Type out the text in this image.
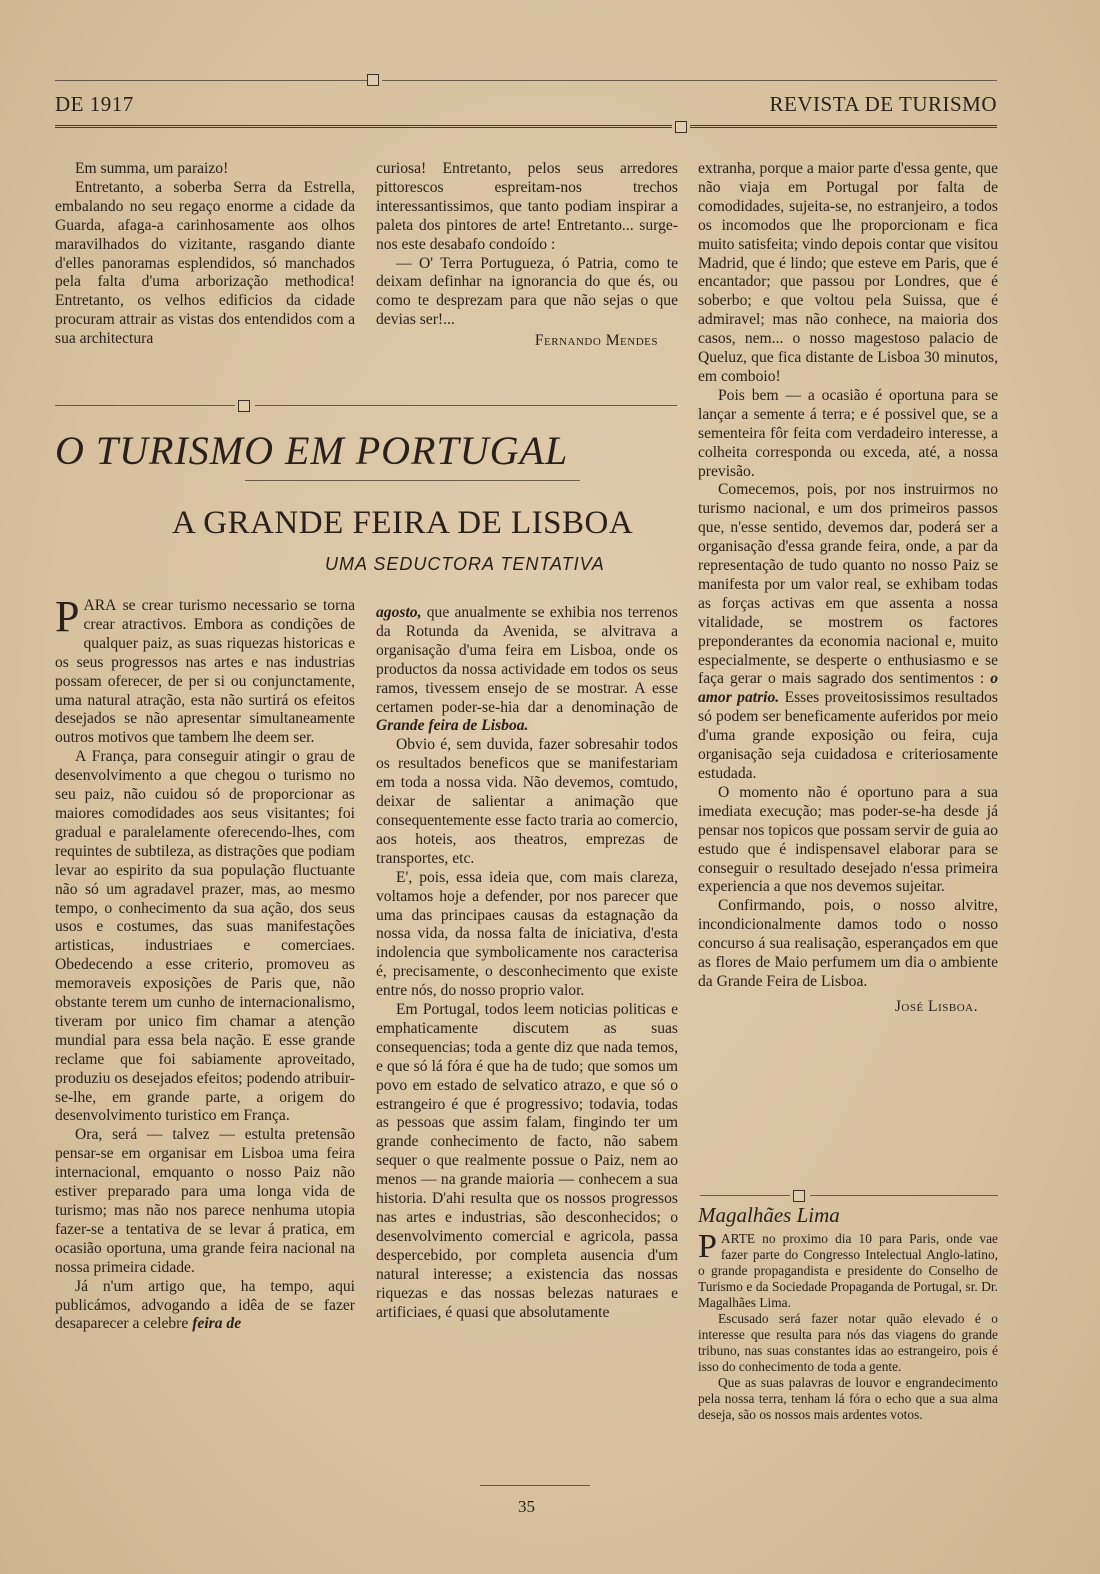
DE 1917	REVISTA DE TURISMO

Em summa, um paraizo!

Entretanto, a soberba Serra da Estrella, embalando no seu regaço enorme a cidade da Guarda, afaga-a carinhosamente aos olhos maravilhados do vizitante, rasgando diante d'elles panoramas esplendidos, só manchados pela falta d'uma arborização methodica! Entretanto, os velhos edificios da cidade procuram attrair as vistas dos entendidos com a sua architectura

curiosa! Entretanto, pelos seus arredores pittorescos espreitam-nos trechos interessantissimos, que tanto podiam inspirar a paleta dos pintores de arte! Entretanto... surge-nos este desabafo condoído :

— O' Terra Portugueza, ó Patria, como te deixam definhar na ignorancia do que és, ou como te desprezam para que não sejas o que devias ser!...

Fernando Mendes
O TURISMO EM PORTUGAL
A GRANDE FEIRA DE LISBOA
UMA SEDUCTORA TENTATIVA

PARA se crear turismo necessario se torna crear atractivos. Embora as condições de qualquer paiz, as suas riquezas historicas e os seus progressos nas artes e nas industrias possam oferecer, de per si ou conjunctamente, uma natural atração, esta não surtirá os efeitos desejados se não apresentar simultaneamente outros motivos que tambem lhe deem ser.

A França, para conseguir atingir o grau de desenvolvimento a que chegou o turismo no seu paiz, não cuidou só de proporcionar as maiores comodidades aos seus visitantes; foi gradual e paralelamente oferecendo-lhes, com requintes de subtileza, as distrações que podiam levar ao espirito da sua população fluctuante não só um agradavel prazer, mas, ao mesmo tempo, o conhecimento da sua ação, dos seus usos e costumes, das suas manifestações artisticas, industriaes e comerciaes. Obedecendo a esse criterio, promoveu as memoraveis exposições de Paris que, não obstante terem um cunho de internacionalismo, tiveram por unico fim chamar a atenção mundial para essa bela nação. E esse grande reclame que foi sabiamente aproveitado, produziu os desejados efeitos; podendo atribuir-se-lhe, em grande parte, a origem do desenvolvimento turistico em França.

Ora, será — talvez — estulta pretensão pensar-se em organisar em Lisboa uma feira internacional, emquanto o nosso Paiz não estiver preparado para uma longa vida de turismo; mas não nos parece nenhuma utopia fazer-se a tentativa de se levar á pratica, em ocasião oportuna, uma grande feira nacional na nossa primeira cidade.

Já n'um artigo que, ha tempo, aqui publicámos, advogando a idêa de se fazer desaparecer a celebre feira de

agosto, que anualmente se exhibia nos terrenos da Rotunda da Avenida, se alvitrava a organisação d'uma feira em Lisboa, onde os productos da nossa actividade em todos os seus ramos, tivessem ensejo de se mostrar. A esse certamen poder-se-hia dar a denominação de Grande feira de Lisboa.

Obvio é, sem duvida, fazer sobresahir todos os resultados beneficos que se manifestariam em toda a nossa vida. Não devemos, comtudo, deixar de salientar a animação que consequentemente esse facto traria ao comercio, aos hoteis, aos theatros, emprezas de transportes, etc.

E', pois, essa ideia que, com mais clareza, voltamos hoje a defender, por nos parecer que uma das principaes causas da estagnação da nossa vida, da nossa falta de iniciativa, d'esta indolencia que symbolicamente nos caracterisa é, precisamente, o desconhecimento que existe entre nós, do nosso proprio valor.

Em Portugal, todos leem noticias politicas e emphaticamente discutem as suas consequencias; toda a gente diz que nada temos, e que só lá fóra é que ha de tudo; que somos um povo em estado de selvatico atrazo, e que só o estrangeiro é que é progressivo; todavia, todas as pessoas que assim falam, fingindo ter um grande conhecimento de facto, não sabem sequer o que realmente possue o Paiz, nem ao menos — na grande maioria — conhecem a sua historia. D'ahi resulta que os nossos progressos nas artes e industrias, são desconhecidos; o desenvolvimento comercial e agricola, passa despercebido, por completa ausencia d'um natural interesse; a existencia das nossas riquezas e das nossas belezas naturaes e artificiaes, é quasi que absolutamente

extranha, porque a maior parte d'essa gente, que não viaja em Portugal por falta de comodidades, sujeita-se, no estranjeiro, a todos os incomodos que lhe proporcionam e fica muito satisfeita; vindo depois contar que visitou Madrid, que é lindo; que esteve em Paris, que é encantador; que passou por Londres, que é soberbo; e que voltou pela Suissa, que é admiravel; mas não conhece, na maioria dos casos, nem... o nosso magestoso palacio de Queluz, que fica distante de Lisboa 30 minutos, em comboio!

Pois bem — a ocasião é oportuna para se lançar a semente á terra; e é possivel que, se a sementeira fôr feita com verdadeiro interesse, a colheita corresponda ou exceda, até, a nossa previsão.

Comecemos, pois, por nos instruirmos no turismo nacional, e um dos primeiros passos que, n'esse sentido, devemos dar, poderá ser a organisação d'essa grande feira, onde, a par da representação de tudo quanto no nosso Paiz se manifesta por um valor real, se exhibam todas as forças activas em que assenta a nossa vitalidade, se mostrem os factores preponderantes da economia nacional e, muito especialmente, se desperte o enthusiasmo e se faça gerar o mais sagrado dos sentimentos : o amor patrio. Esses proveitosissimos resultados só podem ser beneficamente auferidos por meio d'uma grande exposição ou feira, cuja organisação seja cuidadosa e criteriosamente estudada.

O momento não é oportuno para a sua imediata execução; mas poder-se-ha desde já pensar nos topicos que possam servir de guia ao estudo que é indispensavel elaborar para se conseguir o resultado desejado n'essa primeira experiencia a que nos devemos sujeitar.

Confirmando, pois, o nosso alvitre, incondicionalmente damos todo o nosso concurso á sua realisação, esperançados em que as flores de Maio perfumem um dia o ambiente da Grande Feira de Lisboa.

José Lisboa.
Magalhães Lima

PARTE no proximo dia 10 para Paris, onde vae fazer parte do Congresso Intelectual Anglo-latino, o grande propagandista e presidente do Conselho de Turismo e da Sociedade Propaganda de Portugal, sr. Dr. Magalhães Lima.

Escusado será fazer notar quão elevado é o interesse que resulta para nós das viagens do grande tribuno, nas suas constantes idas ao estrangeiro, pois é isso do conhecimento de toda a gente.

Que as suas palavras de louvor e engrandecimento pela nossa terra, tenham lá fóra o echo que a sua alma deseja, são os nossos mais ardentes votos.

35
